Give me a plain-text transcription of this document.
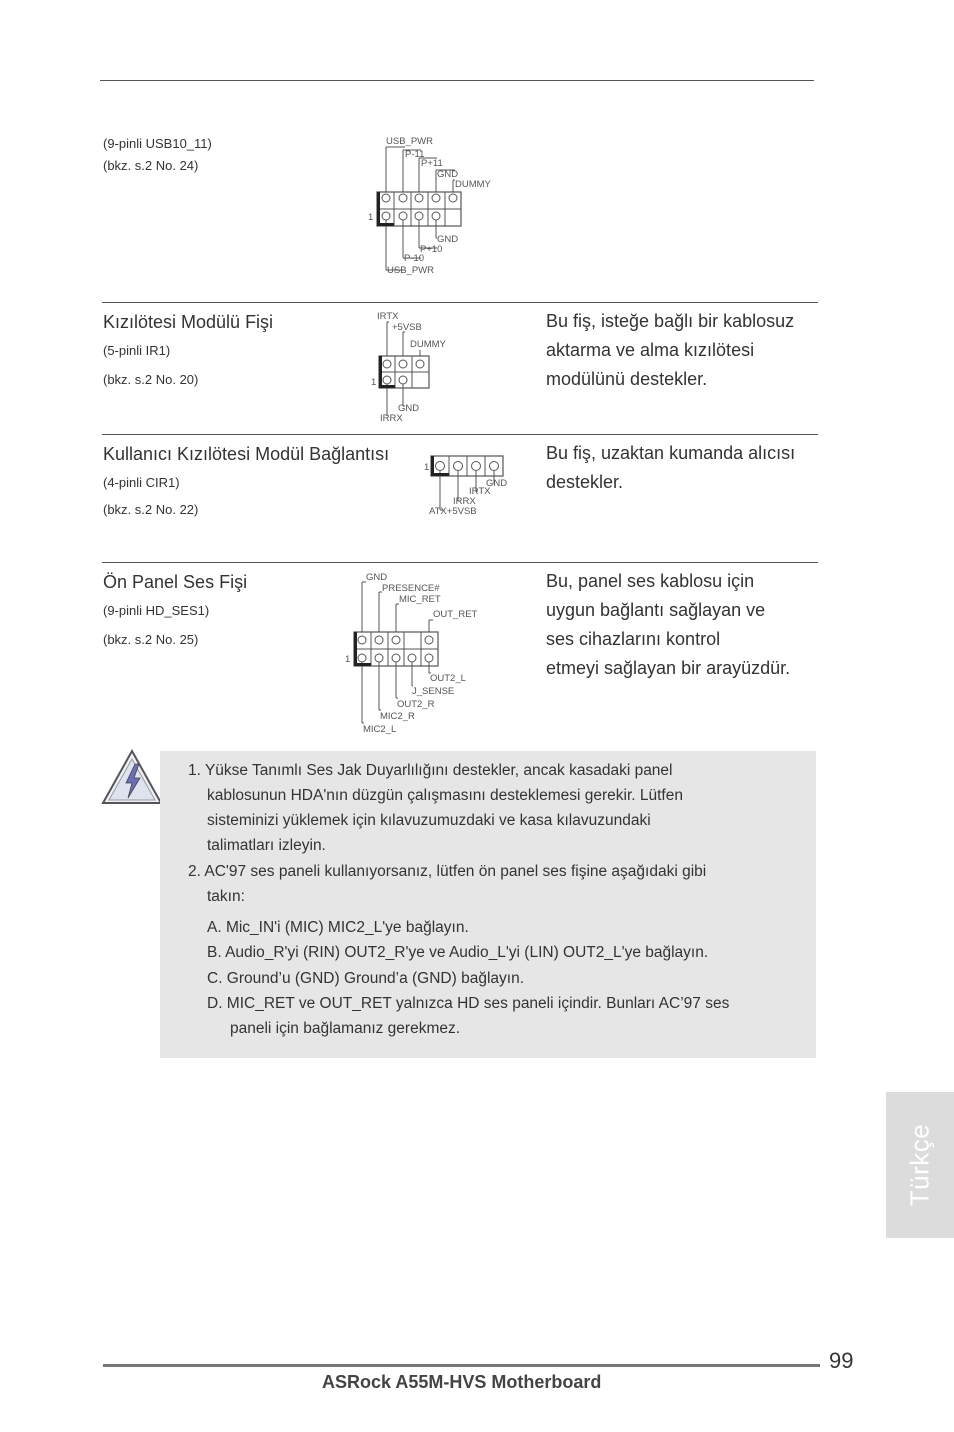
(9-pinli USB10_11)
(bkz. s.2 No. 24)
USB_PWR
P-11
P+11
GND
DUMMY
1
GND
P+10
P-10
USB_PWR
Kızılötesi Modülü Fişi
(5-pinli IR1)
(bkz. s.2 No. 20)
Bu fiş, isteğe bağlı bir kablosuz
aktarma ve alma kızılötesi
modülünü destekler.
IRTX
+5VSB
DUMMY
1
GND
IRRX
Kullanıcı Kızılötesi Modül Bağlantısı
(4-pinli CIR1)
(bkz. s.2 No. 22)
Bu fiş, uzaktan kumanda alıcısı
destekler.
1
GND
IRTX
IRRX
ATX+5VSB
Ön Panel Ses Fişi
(9-pinli HD_SES1)
(bkz. s.2 No. 25)
Bu, panel ses kablosu için
uygun bağlantı sağlayan ve
ses cihazlarını kontrol
etmeyi sağlayan bir arayüzdür.
GND
PRESENCE#
MIC_RET
OUT_RET
1
OUT2_L
J_SENSE
OUT2_R
MIC2_R
MIC2_L
1. Yükse Tanımlı Ses Jak Duyarlılığını destekler, ancak kasadaki panel
kablosunun HDA'nın düzgün çalışmasını desteklemesi gerekir. Lütfen
sisteminizi yüklemek için kılavuzumuzdaki ve kasa kılavuzundaki
talimatları izleyin.
2. AC'97 ses paneli kullanıyorsanız, lütfen ön panel ses fişine aşağıdaki gibi
takın:
A. Mic_IN'i (MIC) MIC2_L'ye bağlayın.
B. Audio_R'yi (RIN) OUT2_R'ye ve Audio_L'yi (LIN) OUT2_L'ye bağlayın.
C. Ground’u (GND) Ground’a (GND) bağlayın.
D. MIC_RET ve OUT_RET yalnızca HD ses paneli içindir. Bunları AC’97 ses
paneli için bağlamanız gerekmez.
Türkçe
99
ASRock A55M-HVS Motherboard
